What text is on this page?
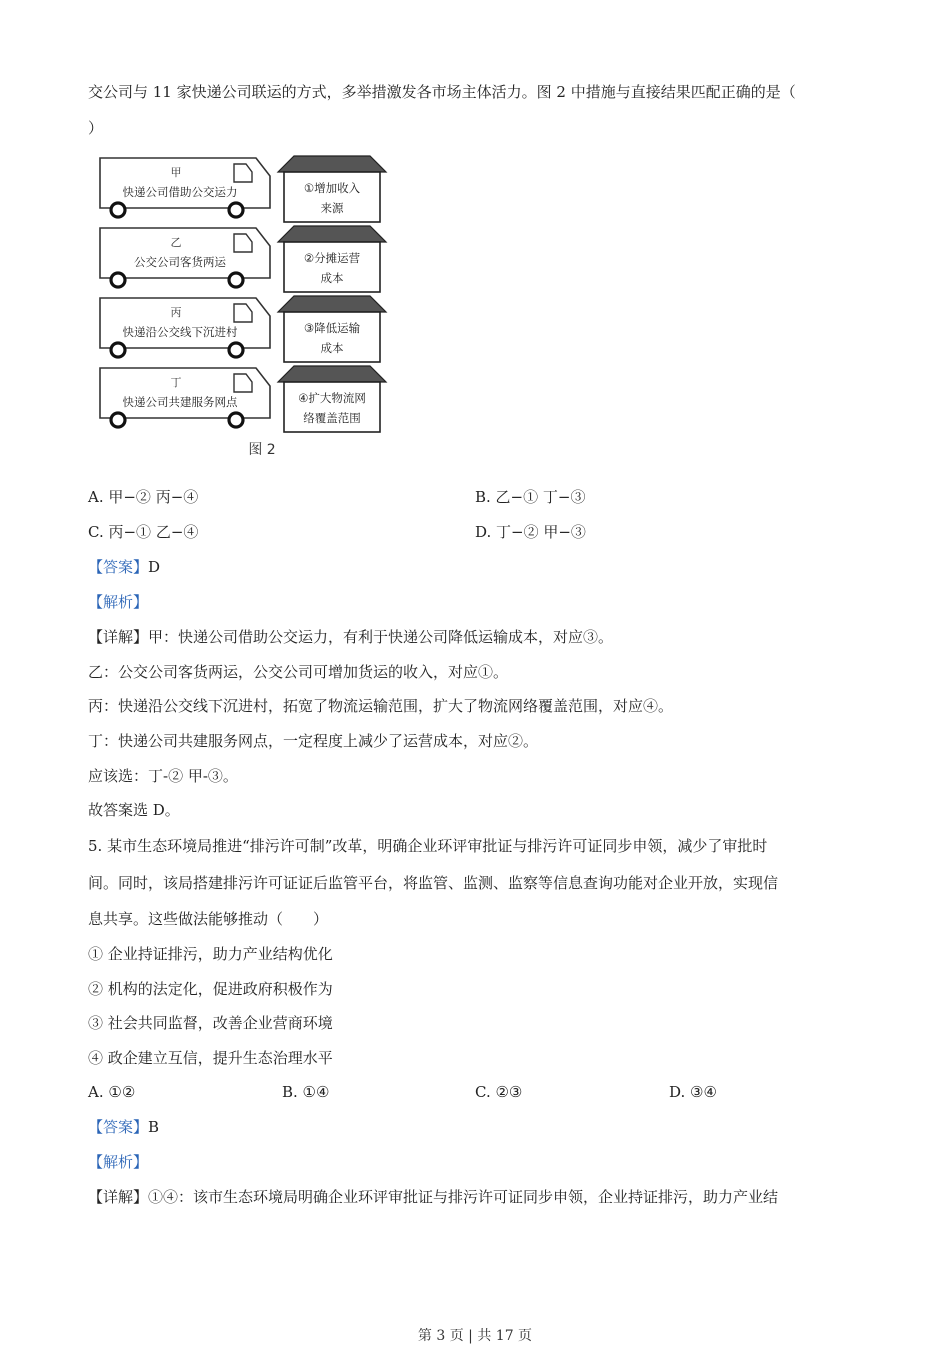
交公司与 11 家快递公司联运的方式，多举措激发各市场主体活力。图 2 中措施与直接结果匹配正确的是（
）
甲
快递公司借助公交运力	①增加收入
来源
乙
公交公司客货两运	②分摊运营
成本
丙
快递沿公交线下沉进村	③降低运输
成本
丁
快递公司共建服务网点	④扩大物流网
络覆盖范围
图 2
A. 甲−② 丙−④	B. 乙−① 丁−③
C. 丙−① 乙−④	D. 丁−② 甲−③
【答案】D
【解析】
【详解】甲：快递公司借助公交运力，有利于快递公司降低运输成本，对应③。
乙：公交公司客货两运，公交公司可增加货运的收入，对应①。
丙：快递沿公交线下沉进村，拓宽了物流运输范围，扩大了物流网络覆盖范围，对应④。
丁：快递公司共建服务网点，一定程度上减少了运营成本，对应②。
应该选：丁-② 甲-③。
故答案选 D。
5. 某市生态环境局推进“排污许可制”改革，明确企业环评审批证与排污许可证同步申领，减少了审批时
间。同时，该局搭建排污许可证证后监管平台，将监管、监测、监察等信息查询功能对企业开放，实现信
息共享。这些做法能够推动（　　）
① 企业持证排污，助力产业结构优化
② 机构的法定化，促进政府积极作为
③ 社会共同监督，改善企业营商环境
④ 政企建立互信，提升生态治理水平
A. ①②	B. ①④	C. ②③	D. ③④
【答案】B
【解析】
【详解】①④：该市生态环境局明确企业环评审批证与排污许可证同步申领，企业持证排污，助力产业结
第 3 页 | 共 17 页
